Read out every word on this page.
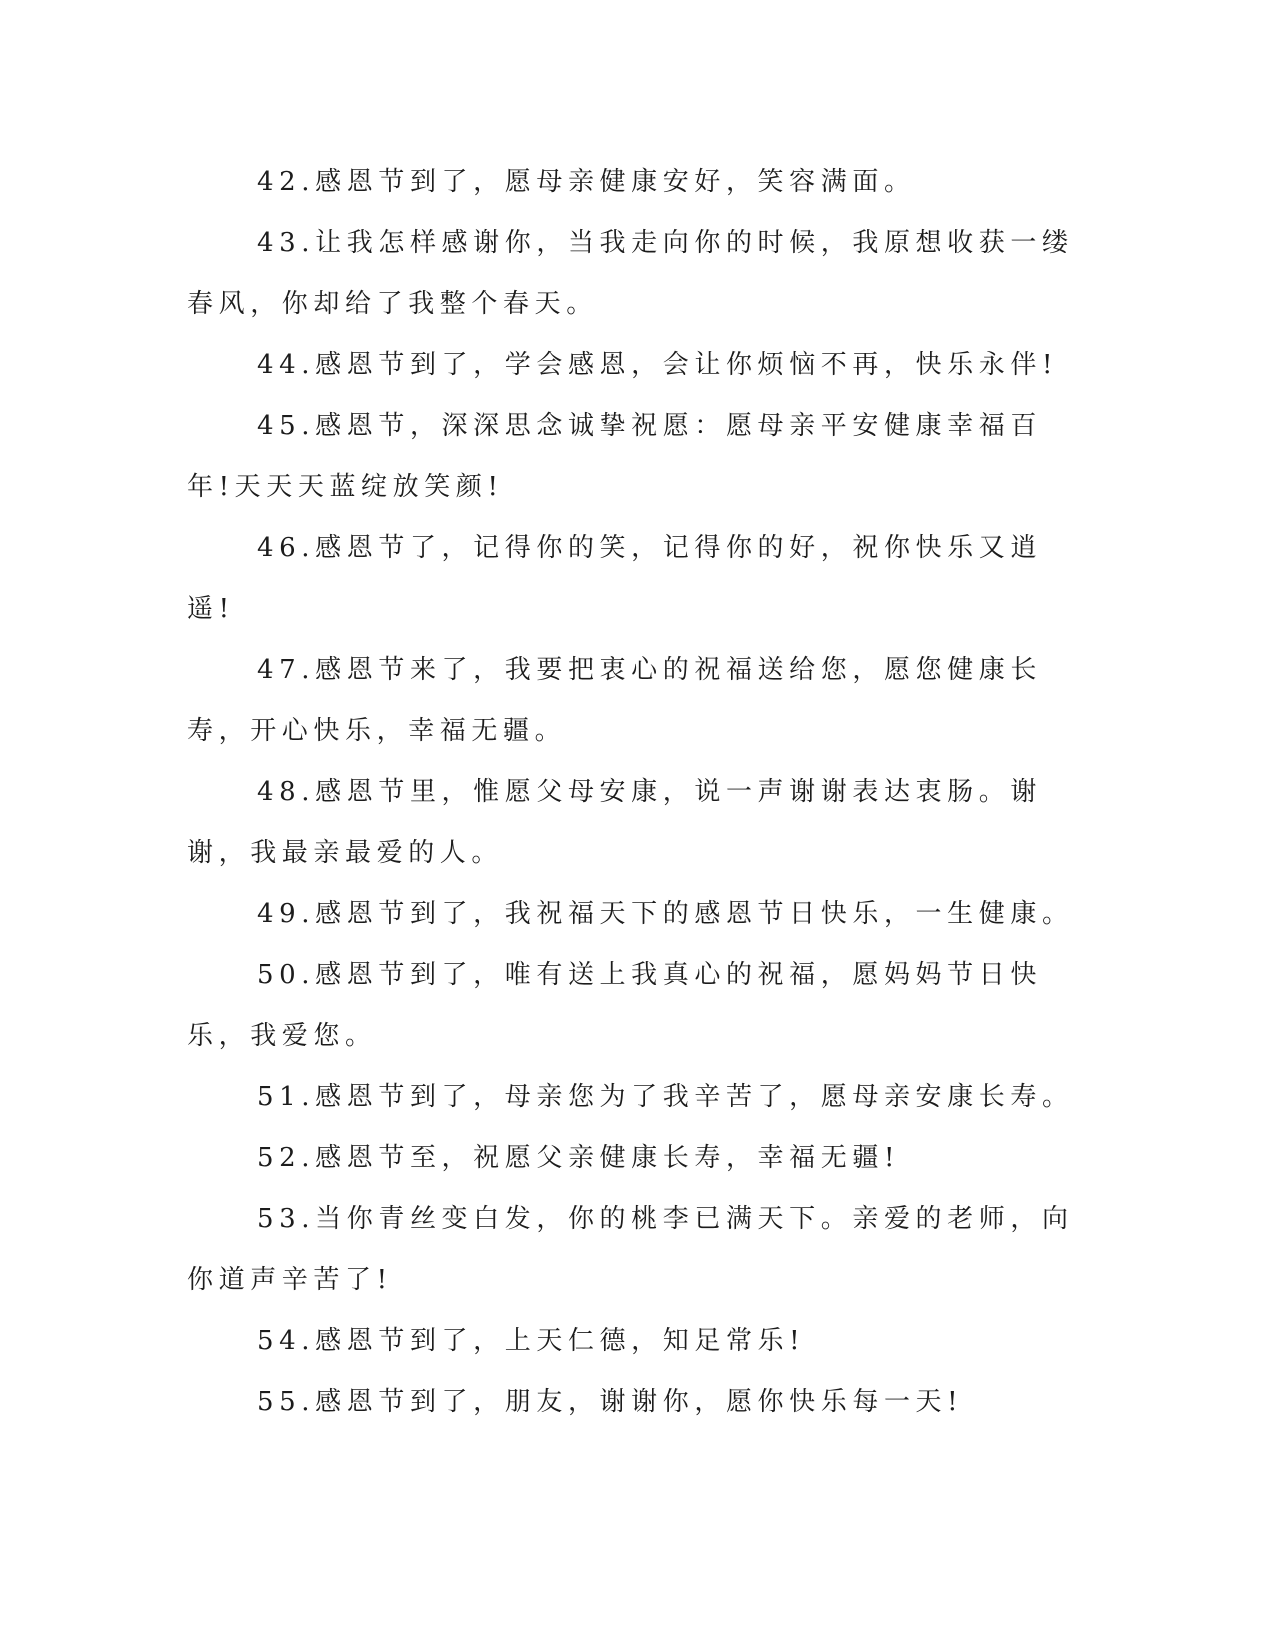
42.感恩节到了，愿母亲健康安好，笑容满面。

43.让我怎样感谢你，当我走向你的时候，我原想收获一缕春风，你却给了我整个春天。

44.感恩节到了，学会感恩，会让你烦恼不再，快乐永伴!

45.感恩节，深深思念诚挚祝愿：愿母亲平安健康幸福百年!天天天蓝绽放笑颜!

46.感恩节了，记得你的笑，记得你的好，祝你快乐又逍遥!

47.感恩节来了，我要把衷心的祝福送给您，愿您健康长寿，开心快乐，幸福无疆。

48.感恩节里，惟愿父母安康，说一声谢谢表达衷肠。谢谢，我最亲最爱的人。

49.感恩节到了，我祝福天下的感恩节日快乐，一生健康。

50.感恩节到了，唯有送上我真心的祝福，愿妈妈节日快乐，我爱您。

51.感恩节到了，母亲您为了我辛苦了，愿母亲安康长寿。

52.感恩节至，祝愿父亲健康长寿，幸福无疆!

53.当你青丝变白发，你的桃李已满天下。亲爱的老师，向你道声辛苦了!

54.感恩节到了，上天仁德，知足常乐!

55.感恩节到了，朋友，谢谢你，愿你快乐每一天!
